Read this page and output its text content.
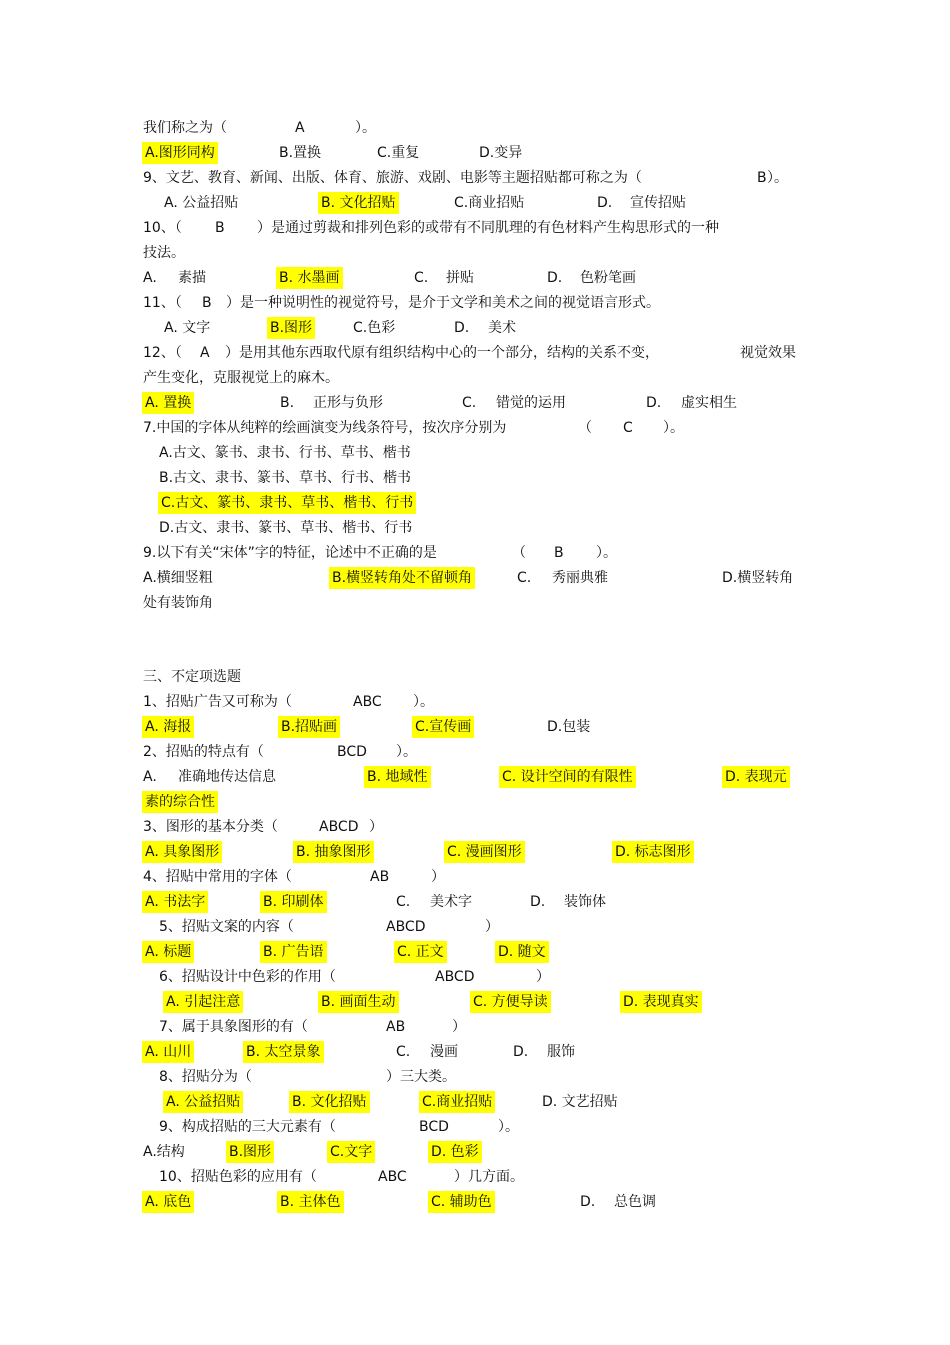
我们称之为（	A	）。
A.图形同构	B.置换	C.重复	D.变异
9、文艺、教育、新闻、出版、体育、旅游、戏剧、电影等主题招贴都可称之为（	B ）。
A. 公益招贴	B. 文化招贴	C.商业招贴	D. 宣传招贴
10、（ B ）是通过剪裁和排列色彩的或带有不同肌理的有色材料产生构思形式的一种
技法。
A. 素描	B. 水墨画	C. 拼贴	D. 色粉笔画
11、（ B ）是一种说明性的视觉符号，是介于文学和美术之间的视觉语言形式。
A. 文字	B.图形	C.色彩	D. 美术
12、（ A ）是用其他东西取代原有组织结构中心的一个部分，结构的关系不变，	视觉效果
产生变化，克服视觉上的麻木。
A. 置换	B. 正形与负形	C. 错觉的运用	D. 虚实相生
7.中国的字体从纯粹的绘画演变为线条符号，按次序分别为	（ C ）。
A.古文、篆书、隶书、行书、草书、楷书
B.古文、隶书、篆书、草书、行书、楷书
C.古文、篆书、隶书、草书、楷书、行书
D.古文、隶书、篆书、草书、楷书、行书
9.以下有关“宋体”字的特征，论述中不正确的是	（ B ）。
A.横细竖粗	B.横竖转角处不留顿角	C. 秀丽典雅	D.横竖转角
处有装饰角
三、不定项选题
1、招贴广告又可称为（	ABC ）。
A. 海报	B.招贴画	C.宣传画	D.包装
2、招贴的特点有（	BCD ）。
A. 准确地传达信息	B. 地域性	C. 设计空间的有限性	D. 表现元
素的综合性
3、图形的基本分类（	ABCD ）
A. 具象图形	B. 抽象图形	C. 漫画图形	D. 标志图形
4、招贴中常用的字体（	AB	）
A. 书法字	B. 印刷体	C. 美术字	D. 装饰体
5、招贴文案的内容（	ABCD	）
A. 标题	B. 广告语	C. 正文	D. 随文
6、招贴设计中色彩的作用（	ABCD	）
A. 引起注意	B. 画面生动	C. 方便导读	D. 表现真实
7、属于具象图形的有（	AB	）
A. 山川	B. 太空景象	C. 漫画	D. 服饰
8、招贴分为（	）三大类。
A. 公益招贴	B. 文化招贴	C.商业招贴	D. 文艺招贴
9、构成招贴的三大元素有（	BCD	）。
A.结构	B.图形	C.文字	D. 色彩
10、招贴色彩的应用有（	ABC	）几方面。
A. 底色	B. 主体色	C. 辅助色	D. 总色调
